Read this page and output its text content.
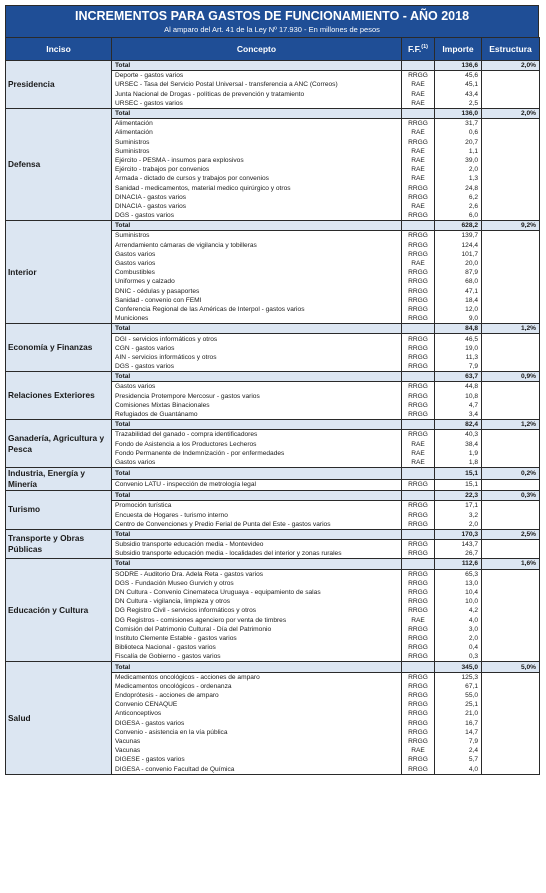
INCREMENTOS PARA GASTOS DE FUNCIONAMIENTO - AÑO 2018
Al amparo del Art. 41 de la Ley Nº 17.930 - En millones de pesos
Inciso	Concepto	F.F.$^{(1)}$	Importe	Estructura
Presidencia	Total		136,6	2,0%
	Deporte - gastos varios	RRGG	45,6	
	URSEC - Tasa del Servicio Postal Universal - transferencia a ANC (Correos)	RAE	45,1	
	Junta Nacional de Drogas - políticas de prevención y tratamiento	RAE	43,4	
	URSEC - gastos varios	RAE	2,5	
Defensa	Total		136,0	2,0%
	Alimentación	RRGG	31,7	
	Alimentación	RAE	0,6	
	Suministros	RRGG	20,7	
	Suministros	RAE	1,1	
	Ejército - PESMA - insumos para explosivos	RAE	39,0	
	Ejército - trabajos por convenios	RAE	2,0	
	Armada - dictado de cursos y trabajos por convenios	RAE	1,3	
	Sanidad - medicamentos, material medico quirúrgico y otros	RRGG	24,8	
	DINACIA - gastos varios	RRGG	6,2	
	DINACIA - gastos varios	RAE	2,6	
	DGS - gastos varios	RRGG	6,0	
Interior	Total		628,2	9,2%
	Suministros	RRGG	139,7	
	Arrendamiento cámaras de vigilancia y tobilleras	RRGG	124,4	
	Gastos varios	RRGG	101,7	
	Gastos varios	RAE	20,0	
	Combustibles	RRGG	87,9	
	Uniformes y calzado	RRGG	68,0	
	DNIC - cédulas y pasaportes	RRGG	47,1	
	Sanidad - convenio con FEMI	RRGG	18,4	
	Conferencia Regional de las Américas de Interpol - gastos varios	RRGG	12,0	
	Municiones	RRGG	9,0	
Economía y Finanzas	Total		84,8	1,2%
	DGI - servicios informáticos y otros	RRGG	46,5	
	CGN - gastos varios	RRGG	19,0	
	AIN - servicios informáticos y otros	RRGG	11,3	
	DGS - gastos varios	RRGG	7,9	
Relaciones Exteriores	Total		63,7	0,9%
	Gastos varios	RRGG	44,8	
	Presidencia Protempore Mercosur - gastos varios	RRGG	10,8	
	Comisiones Mixtas Binacionales	RRGG	4,7	
	Refugiados de Guantánamo	RRGG	3,4	
Ganadería, Agricultura y Pesca	Total		82,4	1,2%
	Trazabilidad del ganado - compra identificadores	RRGG	40,3	
	Fondo de Asistencia a los Productores Lecheros	RAE	38,4	
	Fondo Permanente de Indemnización - por enfermedades	RAE	1,9	
	Gastos varios	RAE	1,8	
Industria, Energía y Minería	Total		15,1	0,2%
	Convenio LATU - inspección de metrología legal	RRGG	15,1	
Turismo	Total		22,3	0,3%
	Promoción turística	RRGG	17,1	
	Encuesta de Hogares - turismo interno	RRGG	3,2	
	Centro de Convenciones y Predio Ferial de Punta del Este - gastos varios	RRGG	2,0	
Transporte y Obras Públicas	Total		170,3	2,5%
	Subsidio transporte educación media - Montevideo	RRGG	143,7	
	Subsidio transporte educación media - localidades del interior y zonas rurales	RRGG	26,7	
Educación y Cultura	Total		112,6	1,6%
	SODRE - Auditorio Dra. Adela Reta - gastos varios	RRGG	65,3	
	DGS - Fundación Museo Gurvich y otros	RRGG	13,0	
	DN Cultura - Convenio Cinemateca Uruguaya - equipamiento de salas	RRGG	10,4	
	DN Cultura - vigilancia, limpieza y otros	RRGG	10,0	
	DG Registro Civil - servicios informáticos y otros	RRGG	4,2	
	DG Registros - comisiones agenciero por venta de timbres	RAE	4,0	
	Comisión del Patrimonio Cultural - Día del Patrimonio	RRGG	3,0	
	Instituto Clemente Estable - gastos varios	RRGG	2,0	
	Biblioteca Nacional - gastos varios	RRGG	0,4	
	Fiscalía de Gobierno - gastos varios	RRGG	0,3	
Salud	Total		345,0	5,0%
	Medicamentos oncológicos - acciones de amparo	RRGG	125,3	
	Medicamentos oncológicos - ordenanza	RRGG	67,1	
	Endoprótesis - acciones de amparo	RRGG	55,0	
	Convenio CENAQUE	RRGG	25,1	
	Anticonceptivos	RRGG	21,0	
	DIGESA - gastos varios	RRGG	16,7	
	Convenio - asistencia en la vía pública	RRGG	14,7	
	Vacunas	RRGG	7,9	
	Vacunas	RAE	2,4	
	DIGESE - gastos varios	RRGG	5,7	
	DIGESA - convenio Facultad de Química	RRGG	4,0	
